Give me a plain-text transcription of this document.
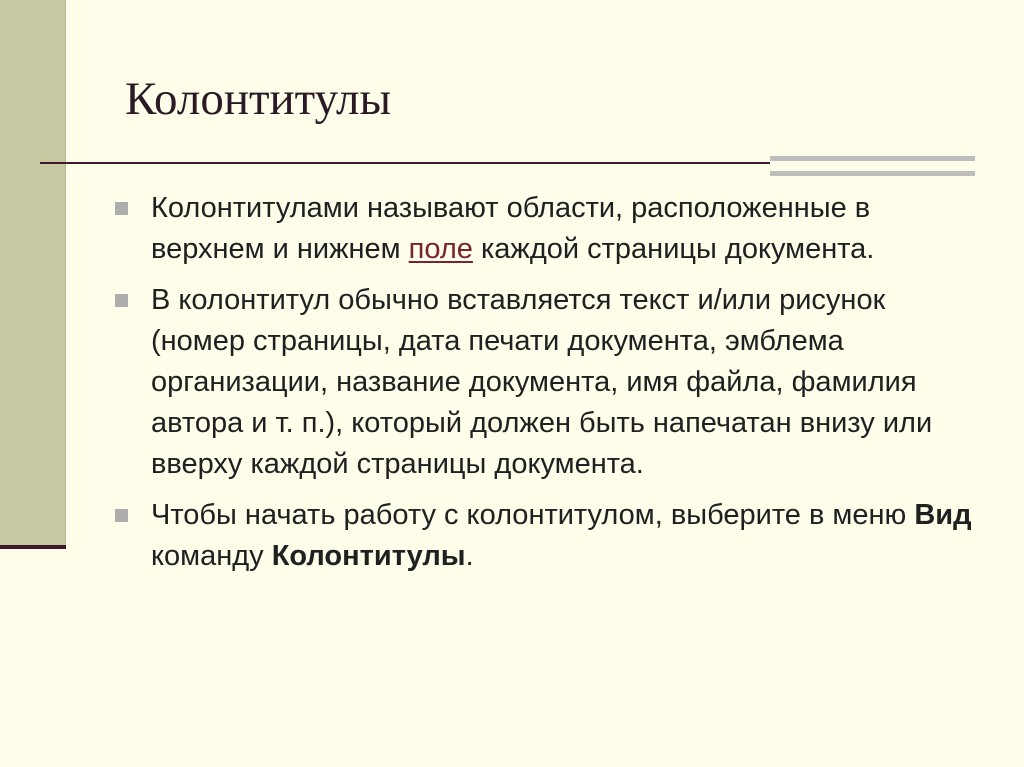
Колонтитулы
Колонтитулами называют области, расположенные в верхнем и нижнем поле каждой страницы документа.
В колонтитул обычно вставляется текст и/или рисунок (номер страницы, дата печати документа, эмблема организации, название документа, имя файла, фамилия автора и т. п.), который должен быть напечатан внизу или вверху каждой страницы документа.
Чтобы начать работу с колонтитулом, выберите в меню Вид команду Колонтитулы.
